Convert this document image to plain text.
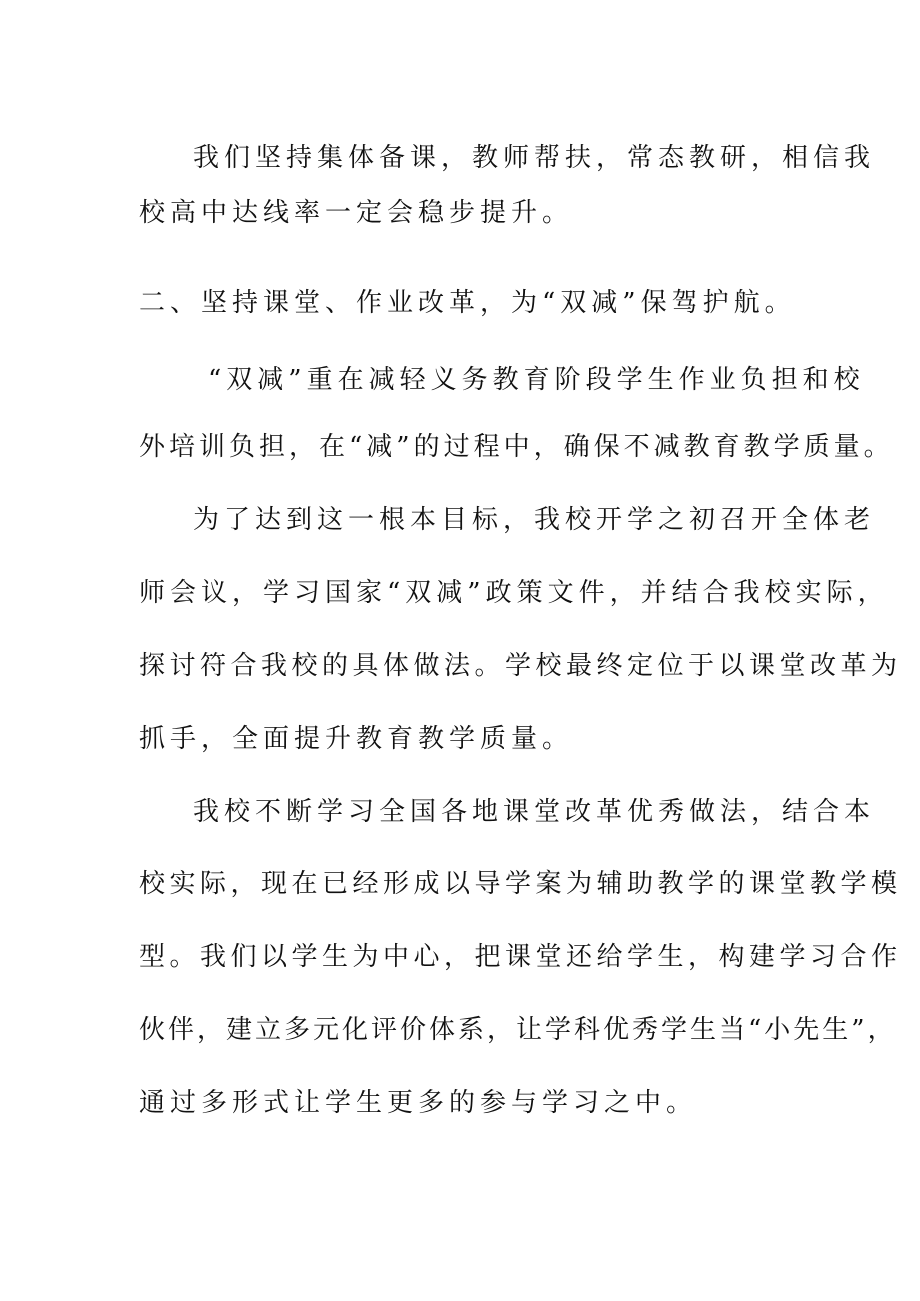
我们坚持集体备课，教师帮扶，常态教研，相信我
校高中达线率一定会稳步提升。
二、坚持课堂、作业改革，为“双减”保驾护航。
“双减”重在减轻义务教育阶段学生作业负担和校
外培训负担，在“减”的过程中，确保不减教育教学质量。
为了达到这一根本目标，我校开学之初召开全体老
师会议，学习国家“双减”政策文件，并结合我校实际，
探讨符合我校的具体做法。学校最终定位于以课堂改革为
抓手，全面提升教育教学质量。
我校不断学习全国各地课堂改革优秀做法，结合本
校实际，现在已经形成以导学案为辅助教学的课堂教学模
型。我们以学生为中心，把课堂还给学生，构建学习合作
伙伴，建立多元化评价体系，让学科优秀学生当“小先生”，
通过多形式让学生更多的参与学习之中。
